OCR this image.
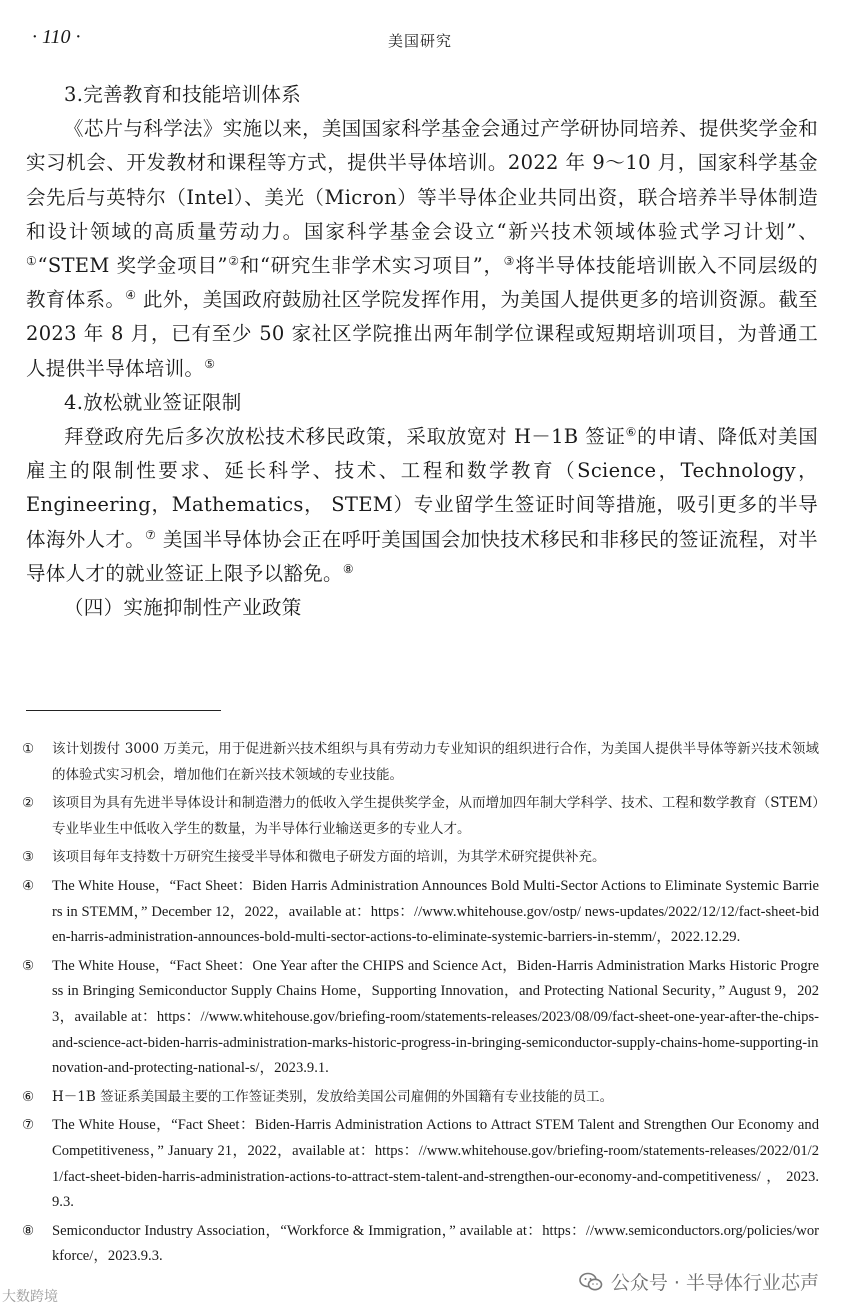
· 110 ·	美国研究

3.完善教育和技能培训体系

《芯片与科学法》实施以来，美国国家科学基金会通过产学研协同培养、提供奖学金和实习机会、开发教材和课程等方式，提供半导体培训。2022 年 9～10 月，国家科学基金会先后与英特尔（Intel）、美光（Micron）等半导体企业共同出资，联合培养半导体制造和设计领域的高质量劳动力。国家科学基金会设立“新兴技术领域体验式学习计划”、①“STEM 奖学金项目”②和“研究生非学术实习项目”，③将半导体技能培训嵌入不同层级的教育体系。④ 此外，美国政府鼓励社区学院发挥作用，为美国人提供更多的培训资源。截至 2023 年 8 月，已有至少 50 家社区学院推出两年制学位课程或短期培训项目，为普通工人提供半导体培训。⑤

4.放松就业签证限制

拜登政府先后多次放松技术移民政策，采取放宽对 H－1B 签证⑥的申请、降低对美国雇主的限制性要求、延长科学、技术、工程和数学教育（Science，Technology，Engineering，Mathematics， STEM）专业留学生签证时间等措施，吸引更多的半导体海外人才。⑦ 美国半导体协会正在呼吁美国国会加快技术移民和非移民的签证流程，对半导体人才的就业签证上限予以豁免。⑧

（四）实施抑制性产业政策

① 该计划拨付 3000 万美元，用于促进新兴技术组织与具有劳动力专业知识的组织进行合作，为美国人提供半导体等新兴技术领域的体验式实习机会，增加他们在新兴技术领域的专业技能。
② 该项目为具有先进半导体设计和制造潜力的低收入学生提供奖学金，从而增加四年制大学科学、技术、工程和数学教育（STEM）专业毕业生中低收入学生的数量，为半导体行业输送更多的专业人才。
③ 该项目每年支持数十万研究生接受半导体和微电子研发方面的培训，为其学术研究提供补充。
④ The White House，“Fact Sheet：Biden Harris Administration Announces Bold Multi-Sector Actions to Eliminate Systemic Barriers in STEMM，” December 12，2022，available at：https：//www.whitehouse.gov/ostp/ news-updates/2022/12/12/fact-sheet-biden-harris-administration-announces-bold-multi-sector-actions-to-eliminate-systemic-barriers-in-stemm/，2022.12.29.
⑤ The White House，“Fact Sheet：One Year after the CHIPS and Science Act，Biden-Harris Administration Marks Historic Progress in Bringing Semiconductor Supply Chains Home，Supporting Innovation，and Protecting National Security，” August 9，2023，available at：https：//www.whitehouse.gov/briefing-room/statements-releases/2023/08/09/fact-sheet-one-year-after-the-chips-and-science-act-biden-harris-administration-marks-historic-progress-in-bringing-semiconductor-supply-chains-home-supporting-innovation-and-protecting-national-s/，2023.9.1.
⑥ H－1B 签证系美国最主要的工作签证类别，发放给美国公司雇佣的外国籍有专业技能的员工。
⑦ The White House，“Fact Sheet：Biden-Harris Administration Actions to Attract STEM Talent and Strengthen Our Economy and Competitiveness，” January 21，2022，available at：https：//www.whitehouse.gov/briefing-room/statements-releases/2022/01/21/fact-sheet-biden-harris-administration-actions-to-attract-stem-talent-and-strengthen-our-economy-and-competitiveness/，2023.9.3.
⑧ Semiconductor Industry Association，“Workforce & Immigration，” available at：https：//www.semiconductors.org/policies/workforce/，2023.9.3.
大数跨境
公众号 · 半导体行业芯声
